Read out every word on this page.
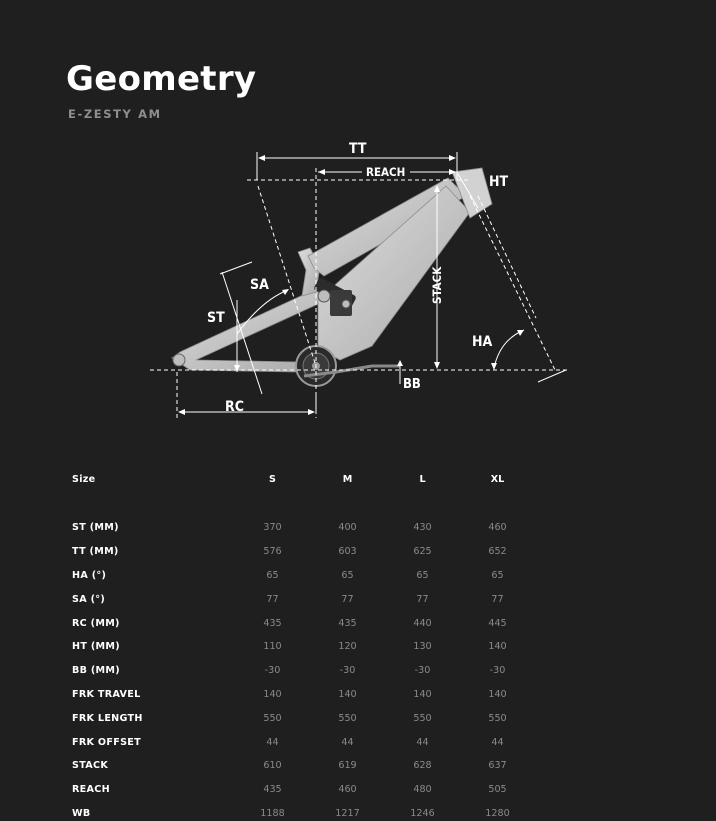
Geometry
E-ZESTY AM
TT
REACH
HT
SA
ST
STACK
HA
BB
RC
Size	S	M	L	XL

ST (MM)	370	400	430	460
TT (MM)	576	603	625	652
HA (°)	65	65	65	65
SA (°)	77	77	77	77
RC (MM)	435	435	440	445
HT (MM)	110	120	130	140
BB (MM)	-30	-30	-30	-30
FRK TRAVEL	140	140	140	140
FRK LENGTH	550	550	550	550
FRK OFFSET	44	44	44	44
STACK	610	619	628	637
REACH	435	460	480	505
WB	1188	1217	1246	1280
